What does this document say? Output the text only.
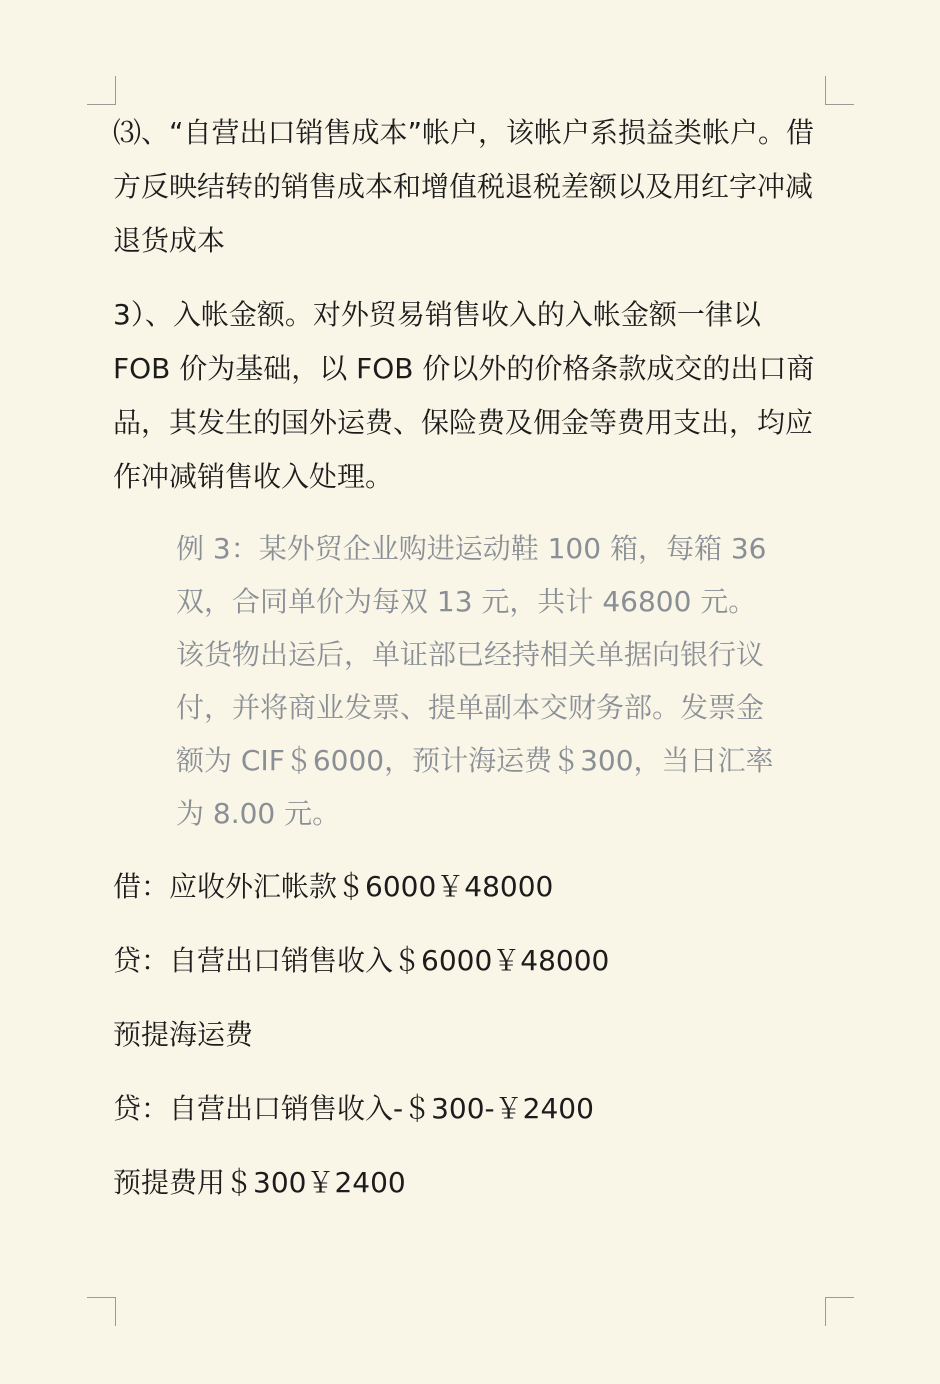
⑶、“自营出口销售成本”帐户，该帐户系损益类帐户。借方反映结转的销售成本和增值税退税差额以及用红字冲减退货成本

3）、入帐金额。对外贸易销售收入的入帐金额一律以 FOB 价为基础，以 FOB 价以外的价格条款成交的出口商品，其发生的国外运费、保险费及佣金等费用支出，均应作冲减销售收入处理。

例 3：某外贸企业购进运动鞋 100 箱，每箱 36 双，合同单价为每双 13 元，共计 46800 元。

该货物出运后，单证部已经持相关单据向银行议付，并将商业发票、提单副本交财务部。发票金额为 CIF＄6000，预计海运费＄300，当日汇率为 8.00 元。

借：应收外汇帐款＄6000￥48000

贷：自营出口销售收入＄6000￥48000

预提海运费

贷：自营出口销售收入-＄300-￥2400

预提费用＄300￥2400
